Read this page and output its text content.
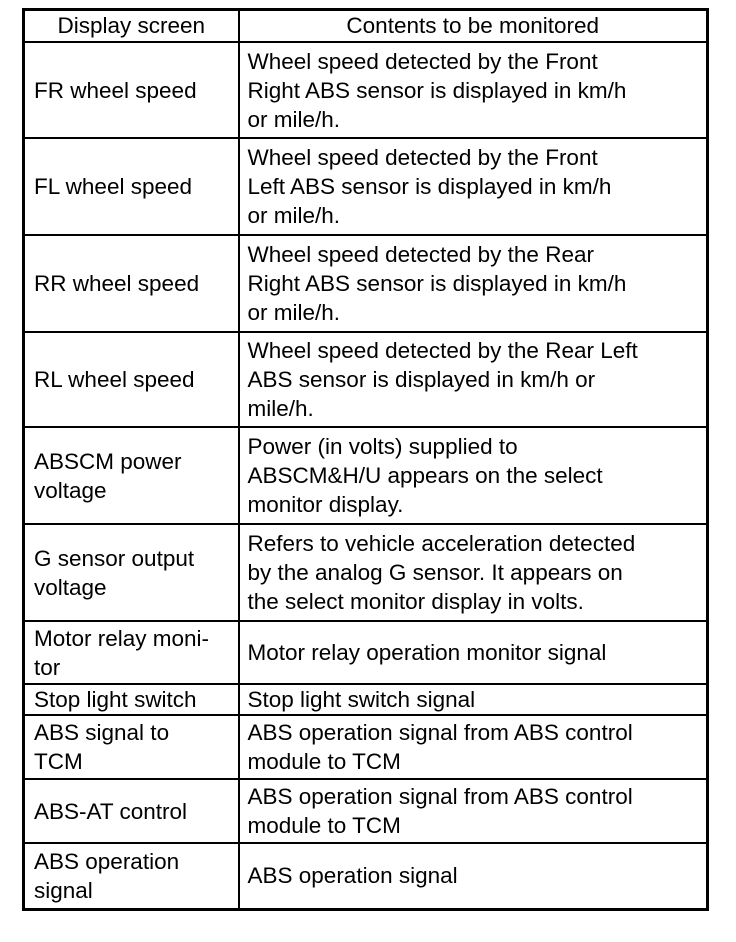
Display screen	Contents to be monitored

FR wheel speed	Wheel speed detected by the Front
Right ABS sensor is displayed in km/h
or mile/h.

FL wheel speed	Wheel speed detected by the Front
Left ABS sensor is displayed in km/h
or mile/h.

RR wheel speed	Wheel speed detected by the Rear
Right ABS sensor is displayed in km/h
or mile/h.

RL wheel speed	Wheel speed detected by the Rear Left
ABS sensor is displayed in km/h or
mile/h.

ABSCM power
voltage	Power (in volts) supplied to
ABSCM&H/U appears on the select
monitor display.

G sensor output
voltage	Refers to vehicle acceleration detected
by the analog G sensor. It appears on
the select monitor display in volts.

Motor relay moni-
tor	Motor relay operation monitor signal

Stop light switch	Stop light switch signal

ABS signal to
TCM	ABS operation signal from ABS control
module to TCM

ABS-AT control	ABS operation signal from ABS control
module to TCM

ABS operation
signal	ABS operation signal
